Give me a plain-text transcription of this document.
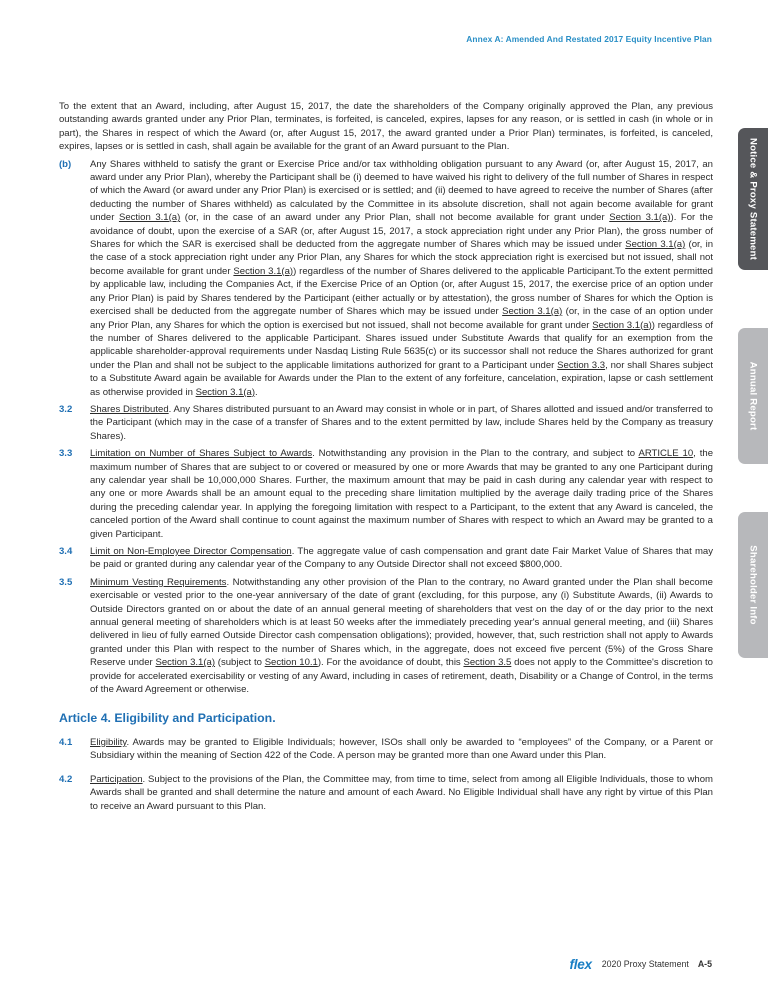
Annex A: Amended And Restated 2017 Equity Incentive Plan
Notice & Proxy Statement
Annual Report
Shareholder Info

To the extent that an Award, including, after August 15, 2017, the date the shareholders of the Company originally approved the Plan, any previous outstanding awards granted under any Prior Plan, terminates, is forfeited, is canceled, expires, lapses for any reason, or is settled in cash (in whole or in part), the Shares in respect of which the Award (or, after August 15, 2017, the award granted under a Prior Plan) terminates, is forfeited, is canceled, expires, lapses or is settled in cash, shall again be available for the grant of an Award pursuant to the Plan.

(b) Any Shares withheld to satisfy the grant or Exercise Price and/or tax withholding obligation pursuant to any Award (or, after August 15, 2017, an award under any Prior Plan), whereby the Participant shall be (i) deemed to have waived his right to delivery of the full number of Shares in respect of which the Award (or award under any Prior Plan) is exercised or is settled; and (ii) deemed to have agreed to receive the number of Shares (after deducting the number of Shares withheld) as calculated by the Committee in its absolute discretion, shall not again become available for grant under Section 3.1(a) (or, in the case of an award under any Prior Plan, shall not become available for grant under Section 3.1(a)). For the avoidance of doubt, upon the exercise of a SAR (or, after August 15, 2017, a stock appreciation right under any Prior Plan), the gross number of Shares for which the SAR is exercised shall be deducted from the aggregate number of Shares which may be issued under Section 3.1(a) (or, in the case of a stock appreciation right under any Prior Plan, any Shares for which the stock appreciation right is exercised but not issued, shall not become available for grant under Section 3.1(a)) regardless of the number of Shares delivered to the applicable Participant.To the extent permitted by applicable law, including the Companies Act, if the Exercise Price of an Option (or, after August 15, 2017, the exercise price of an option under any Prior Plan) is paid by Shares tendered by the Participant (either actually or by attestation), the gross number of Shares for which the Option is exercised shall be deducted from the aggregate number of Shares which may be issued under Section 3.1(a) (or, in the case of an option under any Prior Plan, any Shares for which the option is exercised but not issued, shall not become available for grant under Section 3.1(a)) regardless of the number of Shares delivered to the applicable Participant. Shares issued under Substitute Awards that qualify for an exemption from the applicable shareholder-approval requirements under Nasdaq Listing Rule 5635(c) or its successor shall not reduce the Shares authorized for grant under the Plan and shall not be subject to the applicable limitations authorized for grant to a Participant under Section 3.3, nor shall Shares subject to a Substitute Award again be available for Awards under the Plan to the extent of any forfeiture, cancelation, expiration, lapse or cash settlement as otherwise provided in Section 3.1(a).

3.2 Shares Distributed. Any Shares distributed pursuant to an Award may consist in whole or in part, of Shares allotted and issued and/or transferred to the Participant (which may in the case of a transfer of Shares and to the extent permitted by law, include Shares held by the Company as treasury Shares).

3.3 Limitation on Number of Shares Subject to Awards. Notwithstanding any provision in the Plan to the contrary, and subject to ARTICLE 10, the maximum number of Shares that are subject to or covered or measured by one or more Awards that may be granted to any one Participant during any calendar year shall be 10,000,000 Shares. Further, the maximum amount that may be paid in cash during any calendar year with respect to any one or more Awards shall be an amount equal to the preceding share limitation multiplied by the average daily trading price of the Shares during the preceding calendar year. In applying the foregoing limitation with respect to a Participant, to the extent that any Award is canceled, the canceled portion of the Award shall continue to count against the maximum number of Shares with respect to which an Award may be granted to a given Participant.

3.4 Limit on Non-Employee Director Compensation. The aggregate value of cash compensation and grant date Fair Market Value of Shares that may be paid or granted during any calendar year of the Company to any Outside Director shall not exceed $800,000.

3.5 Minimum Vesting Requirements. Notwithstanding any other provision of the Plan to the contrary, no Award granted under the Plan shall become exercisable or vested prior to the one-year anniversary of the date of grant (excluding, for this purpose, any (i) Substitute Awards, (ii) Awards to Outside Directors granted on or about the date of an annual general meeting of shareholders that vest on the day of or the day prior to the next annual general meeting of shareholders which is at least 50 weeks after the immediately preceding year's annual general meeting, and (iii) Shares delivered in lieu of fully earned Outside Director cash compensation obligations); provided, however, that, such restriction shall not apply to Awards granted under this Plan with respect to the number of Shares which, in the aggregate, does not exceed five percent (5%) of the Gross Share Reserve under Section 3.1(a) (subject to Section 10.1). For the avoidance of doubt, this Section 3.5 does not apply to the Committee's discretion to provide for accelerated exercisability or vesting of any Award, including in cases of retirement, death, Disability or a Change of Control, in the terms of the Award Agreement or otherwise.

Article 4. Eligibility and Participation.
4.1 Eligibility. Awards may be granted to Eligible Individuals; however, ISOs shall only be awarded to “employees” of the Company, or a Parent or Subsidiary within the meaning of Section 422 of the Code. A person may be granted more than one Award under this Plan.

4.2 Participation. Subject to the provisions of the Plan, the Committee may, from time to time, select from among all Eligible Individuals, those to whom Awards shall be granted and shall determine the nature and amount of each Award. No Eligible Individual shall have any right by virtue of this Plan to receive an Award pursuant to this Plan.

flex 2020 Proxy Statement A-5
